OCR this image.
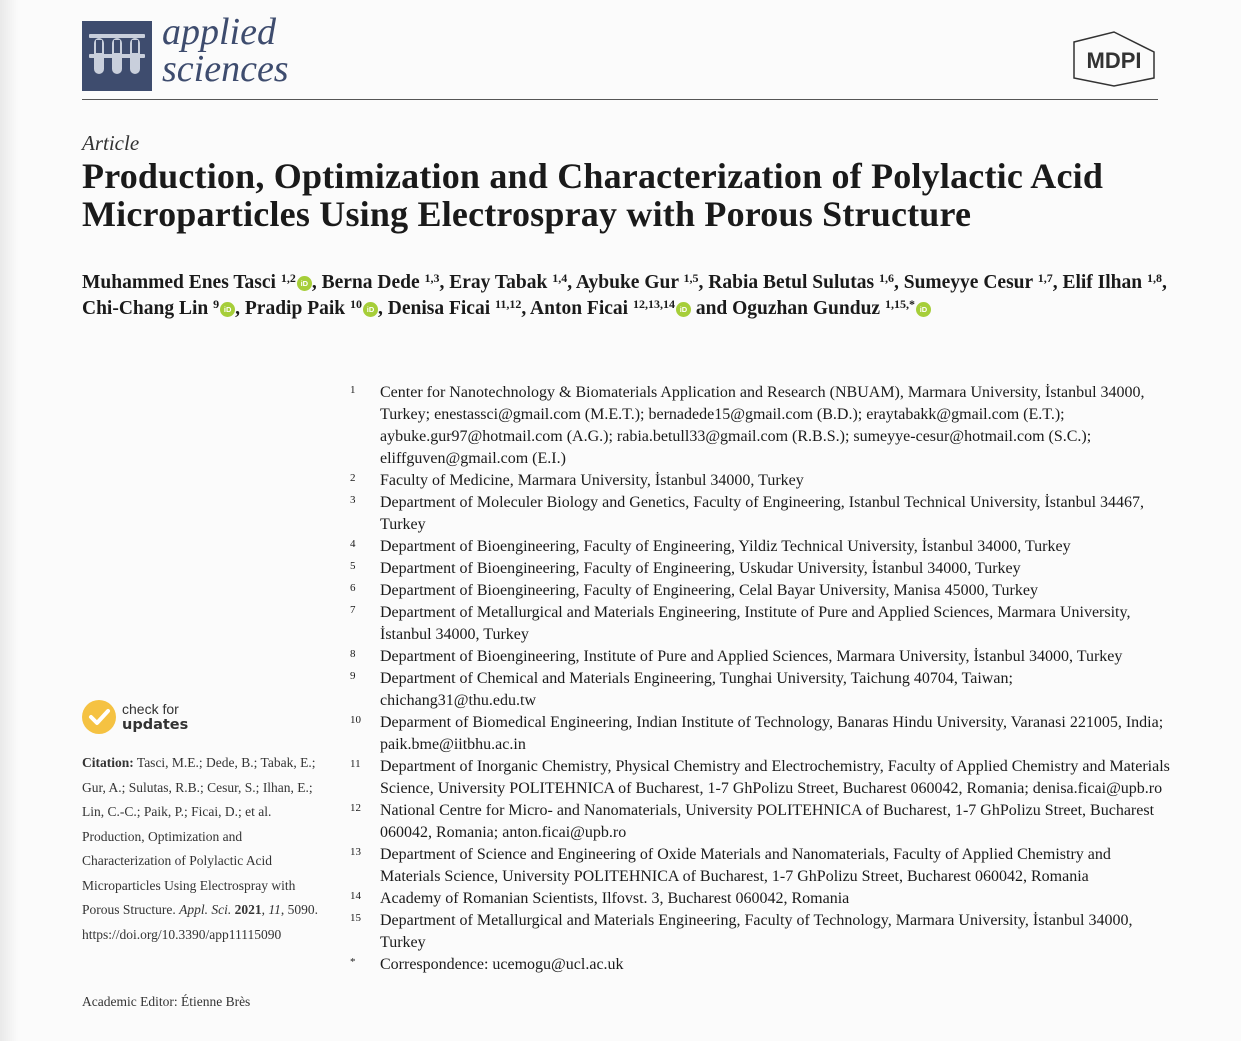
applied
sciences	MDPI
Article
Production, Optimization and Characterization of Polylactic Acid Microparticles Using Electrospray with Porous Structure
Muhammed Enes Tasci $^{1,2}$ iD , Berna Dede $^{1,3}$, Eray Tabak $^{1,4}$, Aybuke Gur $^{1,5}$, Rabia Betul Sulutas $^{1,6}$, Sumeyye Cesur $^{1,7}$, Elif Ilhan $^{1,8}$, Chi-Chang Lin $^9$ iD , Pradip Paik $^{10}$ iD , Denisa Ficai $^{11,12}$, Anton Ficai $^{12,13,14}$ iD and Oguzhan Gunduz $^{1,15,*}$ iD

1 Center for Nanotechnology & Biomaterials Application and Research (NBUAM), Marmara University, İstanbul 34000, Turkey; enestassci@gmail.com (M.E.T.); bernadede15@gmail.com (B.D.); eraytabakk@gmail.com (E.T.); aybuke.gur97@hotmail.com (A.G.); rabia.betull33@gmail.com (R.B.S.); sumeyye-cesur@hotmail.com (S.C.); eliffguven@gmail.com (E.I.)

2 Faculty of Medicine, Marmara University, İstanbul 34000, Turkey

3 Department of Moleculer Biology and Genetics, Faculty of Engineering, Istanbul Technical University, İstanbul 34467, Turkey

4 Department of Bioengineering, Faculty of Engineering, Yildiz Technical University, İstanbul 34000, Turkey

5 Department of Bioengineering, Faculty of Engineering, Uskudar University, İstanbul 34000, Turkey

6 Department of Bioengineering, Faculty of Engineering, Celal Bayar University, Manisa 45000, Turkey

7 Department of Metallurgical and Materials Engineering, Institute of Pure and Applied Sciences, Marmara University, İstanbul 34000, Turkey

8 Department of Bioengineering, Institute of Pure and Applied Sciences, Marmara University, İstanbul 34000, Turkey

9 Department of Chemical and Materials Engineering, Tunghai University, Taichung 40704, Taiwan; chichang31@thu.edu.tw

10 Deparment of Biomedical Engineering, Indian Institute of Technology, Banaras Hindu University, Varanasi 221005, India; paik.bme@iitbhu.ac.in

11 Department of Inorganic Chemistry, Physical Chemistry and Electrochemistry, Faculty of Applied Chemistry and Materials Science, University POLITEHNICA of Bucharest, 1-7 GhPolizu Street, Bucharest 060042, Romania; denisa.ficai@upb.ro

12 National Centre for Micro- and Nanomaterials, University POLITEHNICA of Bucharest, 1-7 GhPolizu Street, Bucharest 060042, Romania; anton.ficai@upb.ro

13 Department of Science and Engineering of Oxide Materials and Nanomaterials, Faculty of Applied Chemistry and Materials Science, University POLITEHNICA of Bucharest, 1-7 GhPolizu Street, Bucharest 060042, Romania

14 Academy of Romanian Scientists, Ilfovst. 3, Bucharest 060042, Romania

15 Department of Metallurgical and Materials Engineering, Faculty of Technology, Marmara University, İstanbul 34000, Turkey

* Correspondence: ucemogu@ucl.ac.uk

check for
updates
Citation: Tasci, M.E.; Dede, B.; Tabak, E.; Gur, A.; Sulutas, R.B.; Cesur, S.; Ilhan, E.; Lin, C.-C.; Paik, P.; Ficai, D.; et al. Production, Optimization and Characterization of Polylactic Acid Microparticles Using Electrospray with Porous Structure. Appl. Sci. 2021, 11, 5090. https://doi.org/10.3390/app11115090
Academic Editor: Étienne Brès
